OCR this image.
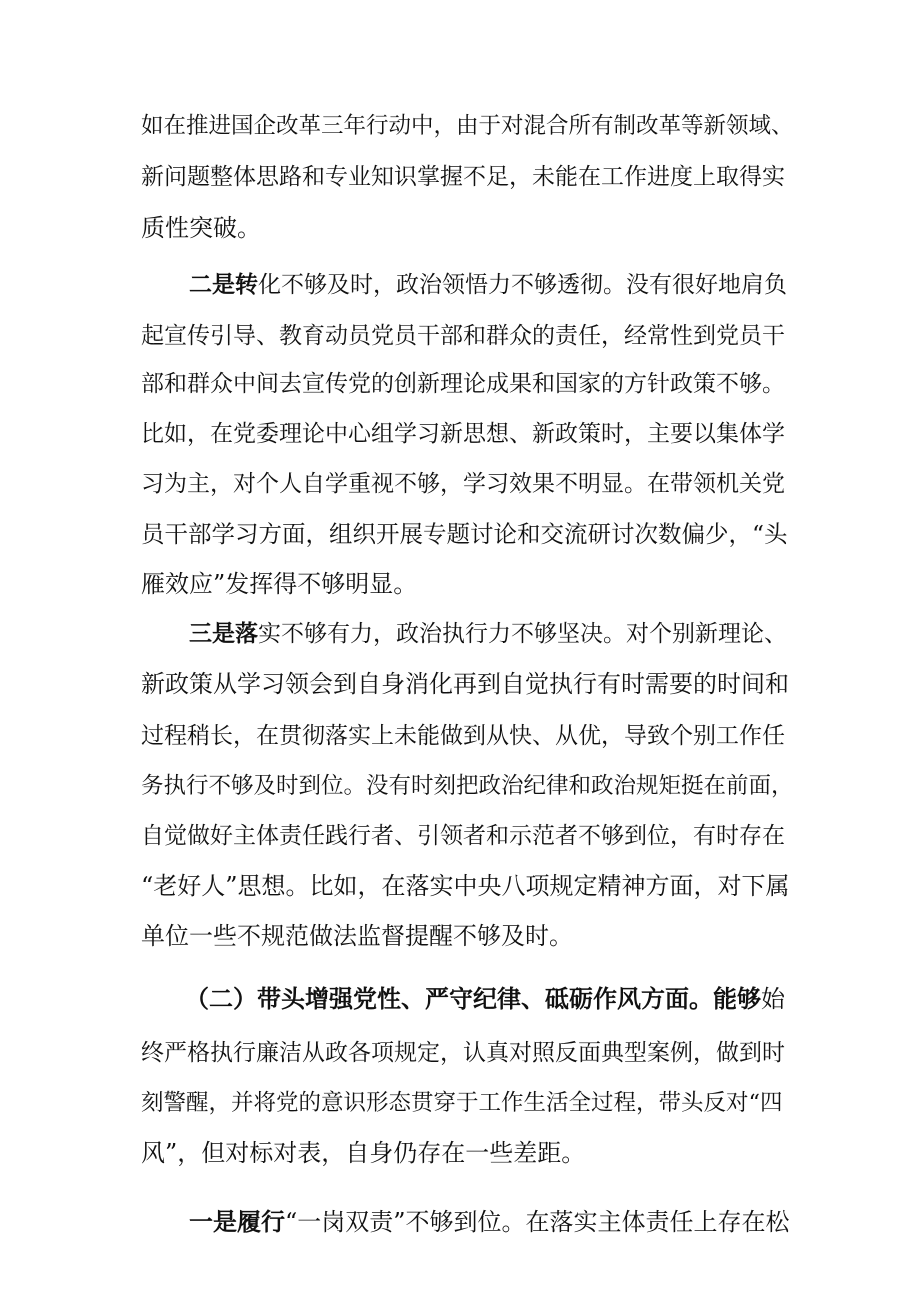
如在推进国企改革三年行动中，由于对混合所有制改革等新领域、
新问题整体思路和专业知识掌握不足，未能在工作进度上取得实
质性突破。
二是转化不够及时，政治领悟力不够透彻。没有很好地肩负
起宣传引导、教育动员党员干部和群众的责任，经常性到党员干
部和群众中间去宣传党的创新理论成果和国家的方针政策不够。
比如，在党委理论中心组学习新思想、新政策时，主要以集体学
习为主，对个人自学重视不够，学习效果不明显。在带领机关党
员干部学习方面，组织开展专题讨论和交流研讨次数偏少，“头
雁效应”发挥得不够明显。
三是落实不够有力，政治执行力不够坚决。对个别新理论、
新政策从学习领会到自身消化再到自觉执行有时需要的时间和
过程稍长，在贯彻落实上未能做到从快、从优，导致个别工作任
务执行不够及时到位。没有时刻把政治纪律和政治规矩挺在前面，
自觉做好主体责任践行者、引领者和示范者不够到位，有时存在
“老好人”思想。比如，在落实中央八项规定精神方面，对下属
单位一些不规范做法监督提醒不够及时。
（二）带头增强党性、严守纪律、砥砺作风方面。能够始
终严格执行廉洁从政各项规定，认真对照反面典型案例，做到时
刻警醒，并将党的意识形态贯穿于工作生活全过程，带头反对“四
风”，但对标对表，自身仍存在一些差距。
一是履行“一岗双责”不够到位。在落实主体责任上存在松
